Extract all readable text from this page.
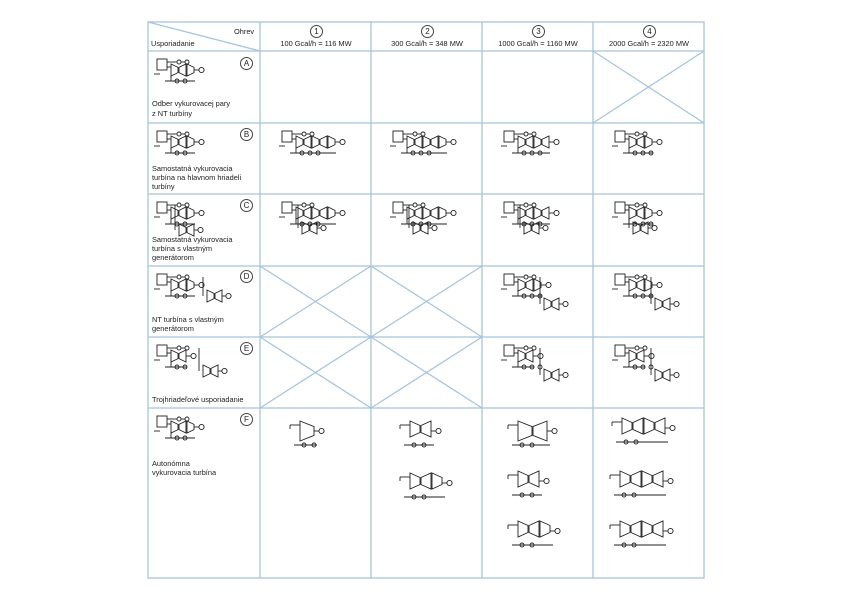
Ohrev
Usporiadanie
1
100 Gcal/h = 116 MW
2
300 Gcal/h = 348 MW
3
1000 Gcal/h = 1160 MW
4
2000 Gcal/h = 2320 MW
A
Odber vykurovacej pary
z NT turbíny
B
Samostatná vykurovacia
turbína na hlavnom hriadeli
turbíny
C
Samostatná vykurovacia
turbína s vlastným
generátorom
D
NT turbína s vlastným
generátorom
E
Trojhriadeľové usporiadanie
F
Autonómna
vykurovacia turbína
